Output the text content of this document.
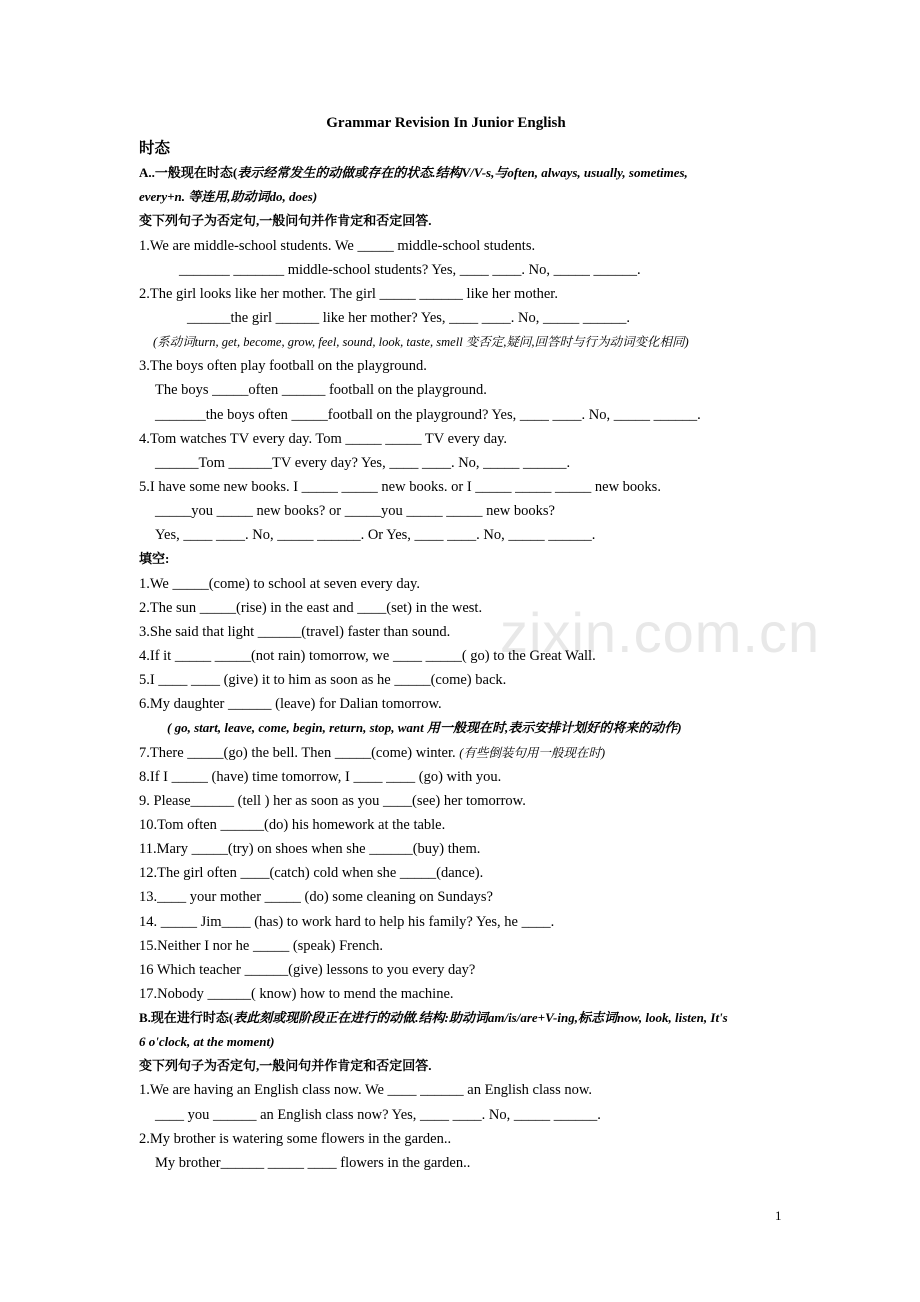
zixin.com.cn
Grammar Revision In Junior English
时态
A..一般现在时态(表示经常发生的动做或存在的状态.结构V/V-s,与often, always, usually, sometimes,
every+n. 等连用,助动词do, does)
变下列句子为否定句,一般问句并作肯定和否定回答.
1.We are middle-school students. We _____ middle-school students.
_______ _______ middle-school students? Yes, ____ ____. No, _____ ______.
2.The girl looks like her mother. The girl _____ ______ like her mother.
______the girl ______ like her mother? Yes, ____ ____. No, _____ ______.
(系动词turn, get, become, grow, feel, sound, look, taste, smell 变否定,疑问,回答时与行为动词变化相同)
3.The boys often play football on the playground.
The boys _____often ______ football on the playground.
_______the boys often _____football on the playground? Yes, ____ ____. No, _____ ______.
4.Tom watches TV every day. Tom _____ _____ TV every day.
______Tom ______TV every day? Yes, ____ ____. No, _____ ______.
5.I have some new books. I _____ _____ new books. or I _____ _____ _____ new books.
_____you _____ new books? or _____you _____ _____ new books?
Yes, ____ ____. No, _____ ______. Or Yes, ____ ____. No, _____ ______.
填空:
1.We _____(come) to school at seven every day.
2.The sun _____(rise) in the east and ____(set) in the west.
3.She said that light ______(travel) faster than sound.
4.If it _____ _____(not rain) tomorrow, we ____ _____( go) to the Great Wall.
5.I ____ ____ (give) it to him as soon as he _____(come) back.
6.My daughter ______ (leave) for Dalian tomorrow.
( go, start, leave, come, begin, return, stop, want 用一般现在时,表示安排计划好的将来的动作)
7.There _____(go) the bell. Then _____(come) winter. (有些倒装句用一般现在时)
8.If I _____ (have) time tomorrow, I ____ ____ (go) with you.
9. Please______ (tell ) her as soon as you ____(see) her tomorrow.
10.Tom often ______(do) his homework at the table.
11.Mary _____(try) on shoes when she ______(buy) them.
12.The girl often ____(catch) cold when she _____(dance).
13.____ your mother _____ (do) some cleaning on Sundays?
14. _____ Jim____ (has) to work hard to help his family? Yes, he ____.
15.Neither I nor he _____ (speak) French.
16 Which teacher ______(give) lessons to you every day?
17.Nobody ______( know) how to mend the machine.
B.现在进行时态(表此刻或现阶段正在进行的动做.结构:助动词am/is/are+V-ing,标志词now, look, listen, It's
6 o'clock, at the moment)
变下列句子为否定句,一般问句并作肯定和否定回答.
1.We are having an English class now. We ____ ______ an English class now.
____ you ______ an English class now? Yes, ____ ____. No, _____ ______.
2.My brother is watering some flowers in the garden..
My brother______ _____ ____ flowers in the garden..
1
